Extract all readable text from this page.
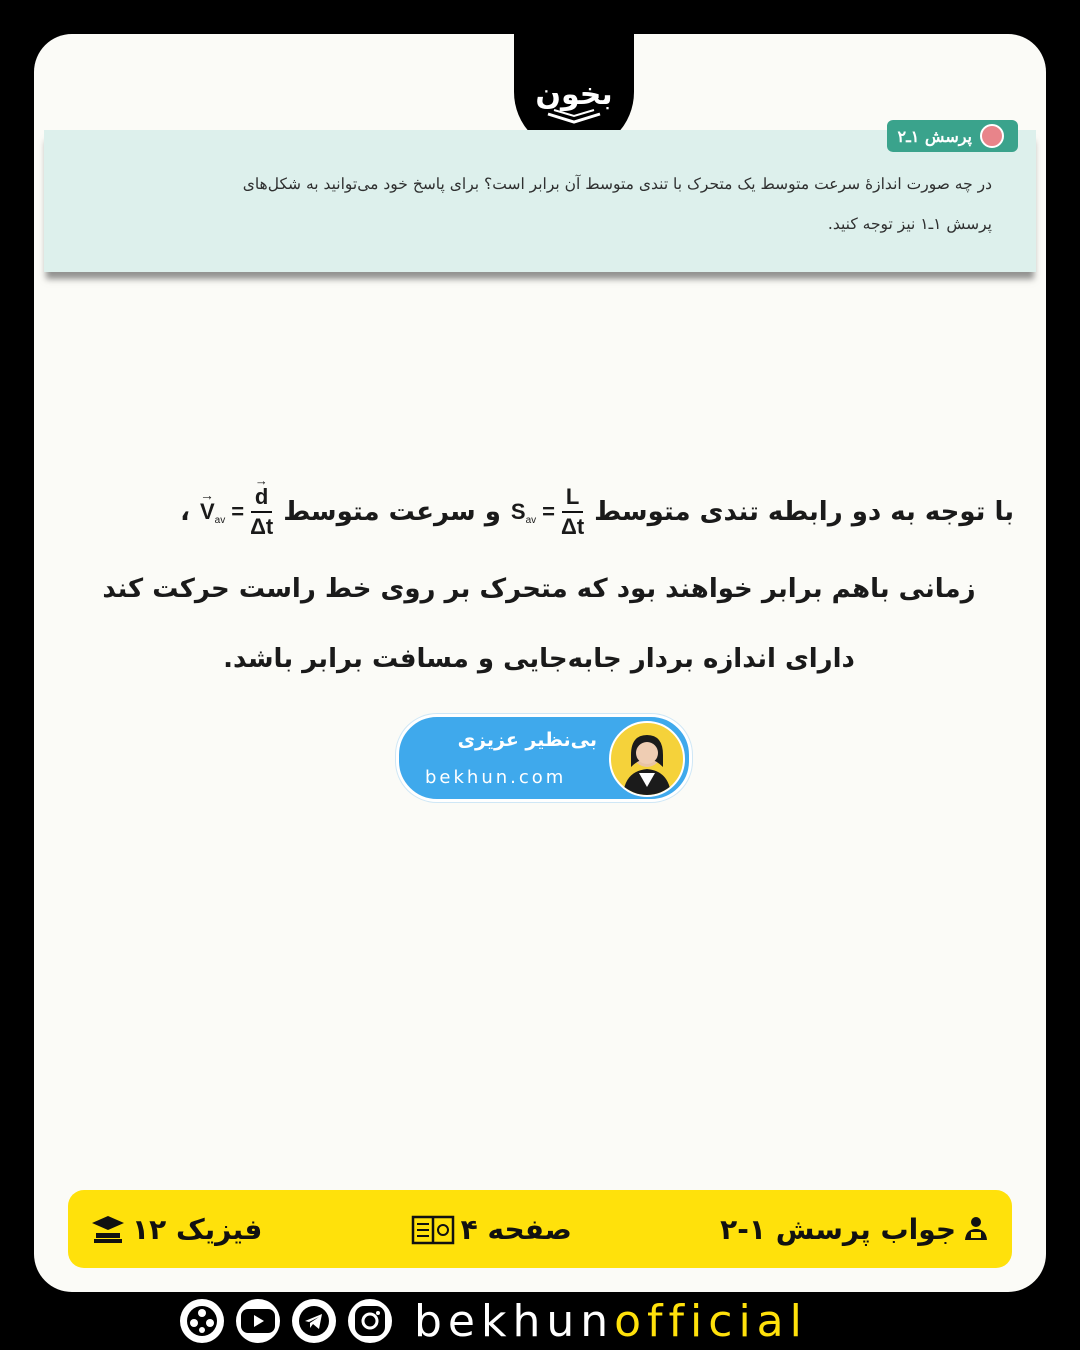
بخون
پرسش ۱ـ۲
در چه صورت اندازهٔ سرعت متوسط یک متحرک با تندی متوسط آن برابر است؟ برای پاسخ خود می‌توانید به شکل‌های
پرسش ۱ـ۱ نیز توجه کنید.
با توجه به دو رابطه تندی متوسط
$S_{av} = \frac{L}{\Delta t}$
و سرعت متوسط
→
$V_{av}$ = →
d
Δt
،
زمانی باهم برابر خواهند بود که متحرک بر روی خط راست حرکت کند
دارای اندازه بردار جابه‌جایی و مسافت برابر باشد.
بی‌نظیر عزیزی
bekhun.com
جواب پرسش ۱-۲
صفحه ۴
فیزیک ۱۲
bekhunofficial
